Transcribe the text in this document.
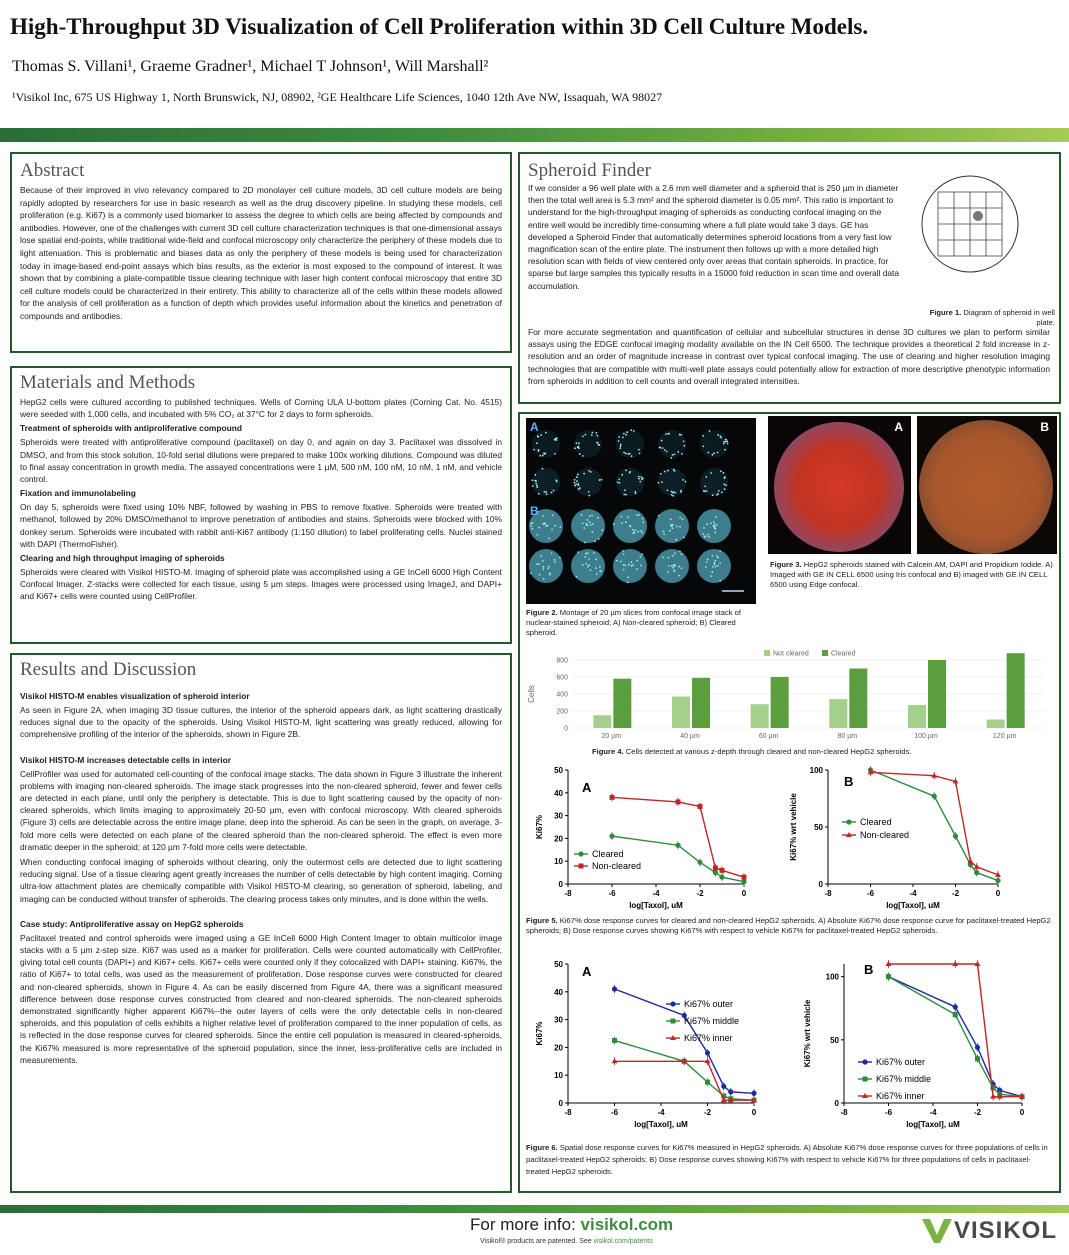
High-Throughput 3D Visualization of Cell Proliferation within 3D Cell Culture Models.
Thomas S. Villani¹, Graeme Gradner¹, Michael T Johnson¹, Will Marshall²
¹Visikol Inc, 675 US Highway 1, North Brunswick, NJ, 08902, ²GE Healthcare Life Sciences, 1040 12th Ave NW, Issaquah, WA 98027
Abstract

Because of their improved in vivo relevancy compared to 2D monolayer cell culture models, 3D cell culture models are being rapidly adopted by researchers for use in basic research as well as the drug discovery pipeline. In studying these models, cell proliferation (e.g. Ki67) is a commonly used biomarker to assess the degree to which cells are being affected by compounds and antibodies. However, one of the challenges with current 3D cell culture characterization techniques is that one-dimensional assays lose spatial end-points, while traditional wide-field and confocal microscopy only characterize the periphery of these models due to light attenuation. This is problematic and biases data as only the periphery of these models is being used for characterization today in image-based end-point assays which bias results, as the exterior is most exposed to the compound of interest. It was shown that by combining a plate-compatible tissue clearing technique with laser high content confocal microscopy that entire 3D cell culture models could be characterized in their entirety. This ability to characterize all of the cells within these models allowed for the analysis of cell proliferation as a function of depth which provides useful information about the kinetics and penetration of compounds and antibodies.

Materials and Methods

HepG2 cells were cultured according to published techniques. Wells of Corning ULA U-bottom plates (Corning Cat. No. 4515) were seeded with 1,000 cells, and incubated with 5% CO₂ at 37°C for 2 days to form spheroids.

Treatment of spheroids with antiproliferative compound

Spheroids were treated with antiproliferative compound (paclitaxel) on day 0, and again on day 3. Paclitaxel was dissolved in DMSO, and from this stock solution, 10-fold serial dilutions were prepared to make 100x working dilutions. Compound was diluted to final assay concentration in growth media. The assayed concentrations were 1 µM, 500 nM, 100 nM, 10 nM, 1 nM, and vehicle control.

Fixation and immunolabeling

On day 5, spheroids were fixed using 10% NBF, followed by washing in PBS to remove fixative. Spheroids were treated with methanol, followed by 20% DMSO/methanol to improve penetration of antibodies and stains. Spheroids were blocked with 10% donkey serum. Spheroids were incubated with rabbit anti-Ki67 antibody (1:150 dilution) to label proliferating cells. Nuclei stained with DAPI (ThermoFisher).

Clearing and high throughput imaging of spheroids

Spheroids were cleared with Visikol HISTO-M. Imaging of spheroid plate was accomplished using a GE InCell 6000 High Content Confocal Imager. Z-stacks were collected for each tissue, using 5 µm steps. Images were processed using ImageJ, and DAPI+ and Ki67+ cells were counted using CellProfiler.

Results and Discussion
Visikol HISTO-M enables visualization of spheroid interior

As seen in Figure 2A, when imaging 3D tissue cultures, the interior of the spheroid appears dark, as light scattering drastically reduces signal due to the opacity of the spheroids. Using Visikol HISTO-M, light scattering was greatly reduced, allowing for comprehensive profiling of the interior of the spheroids, shown in Figure 2B.

Visikol HISTO-M increases detectable cells in interior

CellProfiler was used for automated cell-counting of the confocal image stacks. The data shown in Figure 3 illustrate the inherent problems with imaging non-cleared spheroids. The image stack progresses into the non-cleared spheroid, fewer and fewer cells are detected in each plane, until only the periphery is detectable. This is due to light scattering caused by the opacity of non-cleared spheroids, which limits imaging to approximately 20-50 µm, even with confocal microscopy. With cleared spheroids (Figure 3) cells are detectable across the entire image plane, deep into the spheroid. As can be seen in the graph, on average, 3-fold more cells were detected on each plane of the cleared spheroid than the non-cleared spheroid. The effect is even more dramatic deeper in the spheroid; at 120 µm 7-fold more cells were detectable.

When conducting confocal imaging of spheroids without clearing, only the outermost cells are detected due to light scattering reducing signal. Use of a tissue clearing agent greatly increases the number of cells detectable by high content imaging. Corning ultra-low attachment plates are chemically compatible with Visikol HISTO-M clearing, so generation of spheroid, labeling, and imaging can be conducted without transfer of spheroids. The clearing process takes only minutes, and is done within the wells.

Case study: Antiproliferative assay on HepG2 spheroids

Paclitaxel treated and control spheroids were imaged using a GE InCell 6000 High Content Imager to obtain multicolor image stacks with a 5 µm z-step size. Ki67 was used as a marker for proliferation. Cells were counted automatically with CellProfiler, giving total cell counts (DAPI+) and Ki67+ cells. Ki67+ cells were counted only if they colocalized with DAPI+ staining. Ki67%, the ratio of Ki67+ to total cells, was used as the measurement of proliferation. Dose response curves were constructed for cleared and non-cleared spheroids, shown in Figure 4. As can be easily discerned from Figure 4A, there was a significant measured difference between dose response curves constructed from cleared and non-cleared spheroids. The non-cleared spheroids demonstrated significantly higher apparent Ki67%--the outer layers of cells were the only detectable cells in non-cleared spheroids, and this population of cells exhibits a higher relative level of proliferation compared to the inner population of cells, as is reflected in the dose response curves for cleared spheroids. Since the entire cell population is measured in cleared-spheroids, the Ki67% measured is more representative of the spheroid population, since the inner, less-proliferative cells are included in measurements.

Spheroid Finder

If we consider a 96 well plate with a 2.6 mm well diameter and a spheroid that is 250 µm in diameter then the total well area is 5.3 mm² and the spheroid diameter is 0.05 mm². This ratio is important to understand for the high-throughput imaging of spheroids as conducting confocal imaging on the entire well would be incredibly time-consuming where a full plate would take 3 days. GE has developed a Spheroid Finder that automatically determines spheroid locations from a very fast low magnification scan of the entire plate. The instrument then follows up with a more detailed high resolution scan with fields of view centered only over areas that contain spheroids. In practice, for sparse but large samples this typically results in a 15000 fold reduction in scan time and overall data accumulation.

Figure 1. Diagram of spheroid in well plate.

For more accurate segmentation and quantification of cellular and subcellular structures in dense 3D cultures we plan to perform similar assays using the EDGE confocal imaging modality available on the IN Cell 6500. The technique provides a theoretical 2 fold increase in z-resolution and an order of magnitude increase in contrast over typical confocal imaging. The use of clearing and higher resolution imaging technologies that are compatible with multi-well plate assays could potentially allow for extraction of more descriptive phenotypic information from spheroids in addition to cell counts and overall integrated intensities.

A
B
Figure 2. Montage of 20 µm slices from confocal image stack of nuclear-stained spheroid; A) Non-cleared spheroid; B) Cleared spheroid.
A	B
Figure 3. HepG2 spheroids stained with Calcein AM, DAPI and Propidium Iodide. A) Imaged with GE IN CELL 6500 using Iris confocal and B) imaged with GE IN CELL 6500 using Edge confocal.
0
200
400
600
800
Cells
20 µm	40 µm	60 µm	80 µm	100 µm	120 µm
Not cleared	Cleared
Figure 4. Cells detected at various z-depth through cleared and non-cleared HepG2 spheroids.
0
10
20
30
40
50
-8	-6	-4	-2	0
log[Taxol], uM
Ki67%
A
Cleared
Non-cleared
0
50
100
-8	-6	-4	-2	0
log[Taxol], uM
Ki67% wrt vehicle
B
Cleared
Non-cleared
Figure 5. Ki67% dose response curves for cleared and non-cleared HepG2 spheroids. A) Absolute Ki67% dose response curve for paclitaxel-treated HepG2 spheroids; B) Dose response curves showing Ki67% with respect to vehicle Ki67% for paclitaxel-treated HepG2 spheroids.
0
10
20
30
40
50
-8	-6	-4	-2	0
log[Taxol], uM
Ki67%
A
Ki67% outer
Ki67% middle
Ki67% inner
0
50
100
-8	-6	-4	-2	0
log[Taxol], uM
Ki67% wrt vehicle
B
Ki67% outer
Ki67% middle
Ki67% inner
Figure 6. Spatial dose response curves for Ki67% measured in HepG2 spheroids. A) Absolute Ki67% dose response curves for three populations of cells in paclitaxel-treated HepG2 spheroids; B) Dose response curves showing Ki67% with respect to vehicle Ki67% for three populations of cells in paclitaxel-treated HepG2 spheroids.
For more info: visikol.com
Visikol® products are patented. See visikol.com/patents	VISIKOL
